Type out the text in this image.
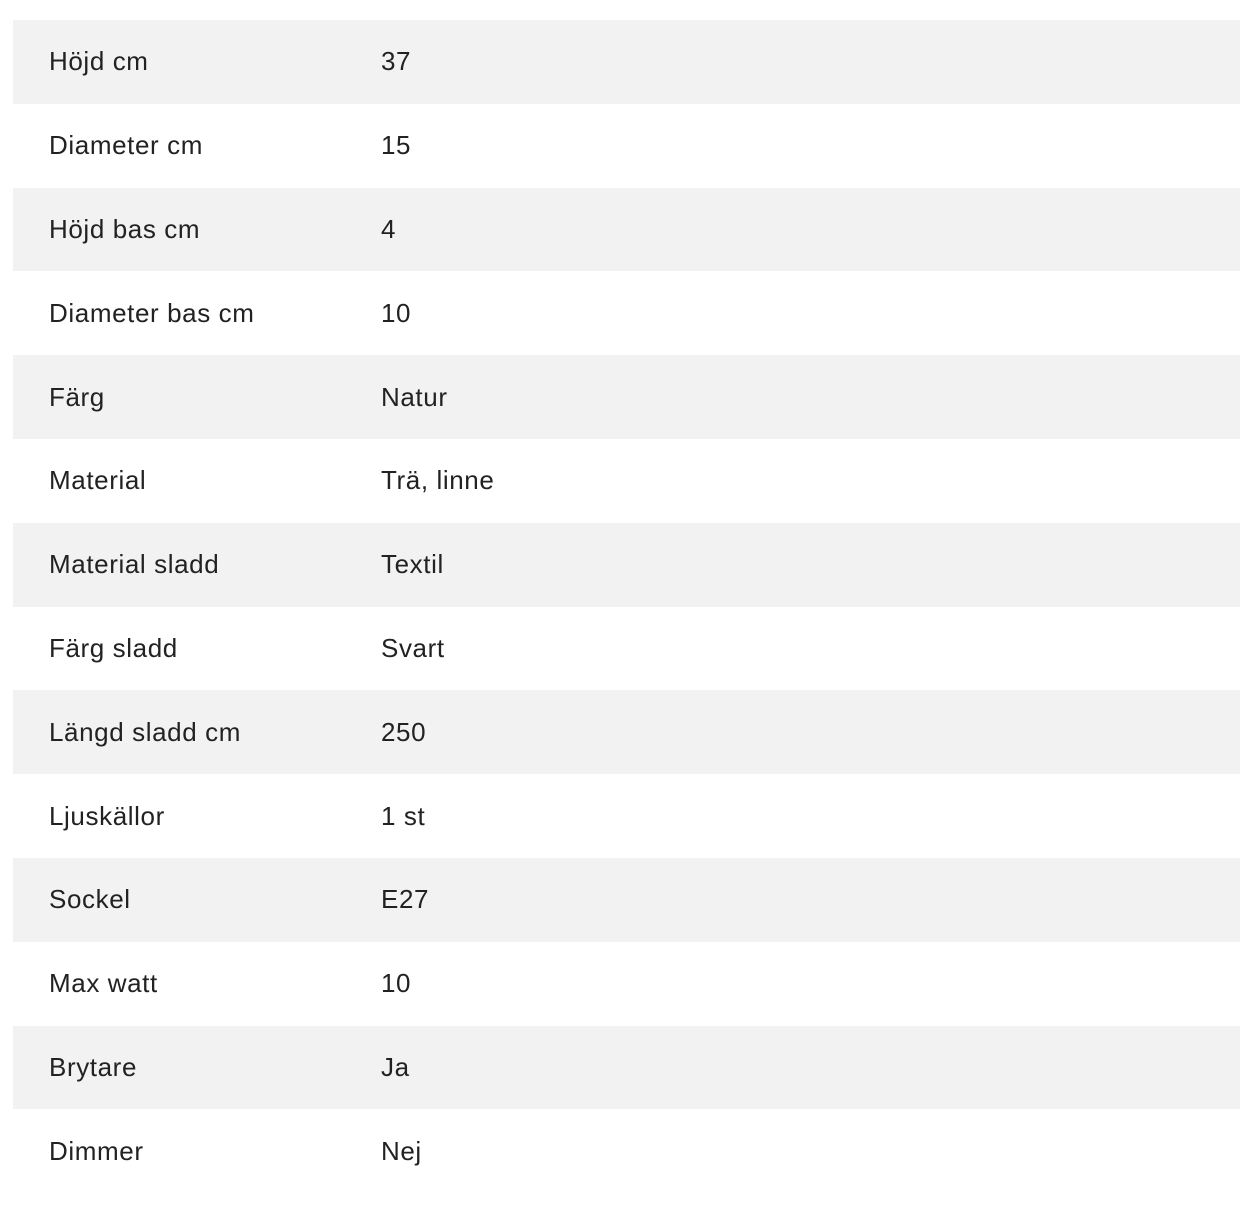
Höjd cm	37
Diameter cm	15
Höjd bas cm	4
Diameter bas cm	10
Färg	Natur
Material	Trä, linne
Material sladd	Textil
Färg sladd	Svart
Längd sladd cm	250
Ljuskällor	1 st
Sockel	E27
Max watt	10
Brytare	Ja
Dimmer	Nej
